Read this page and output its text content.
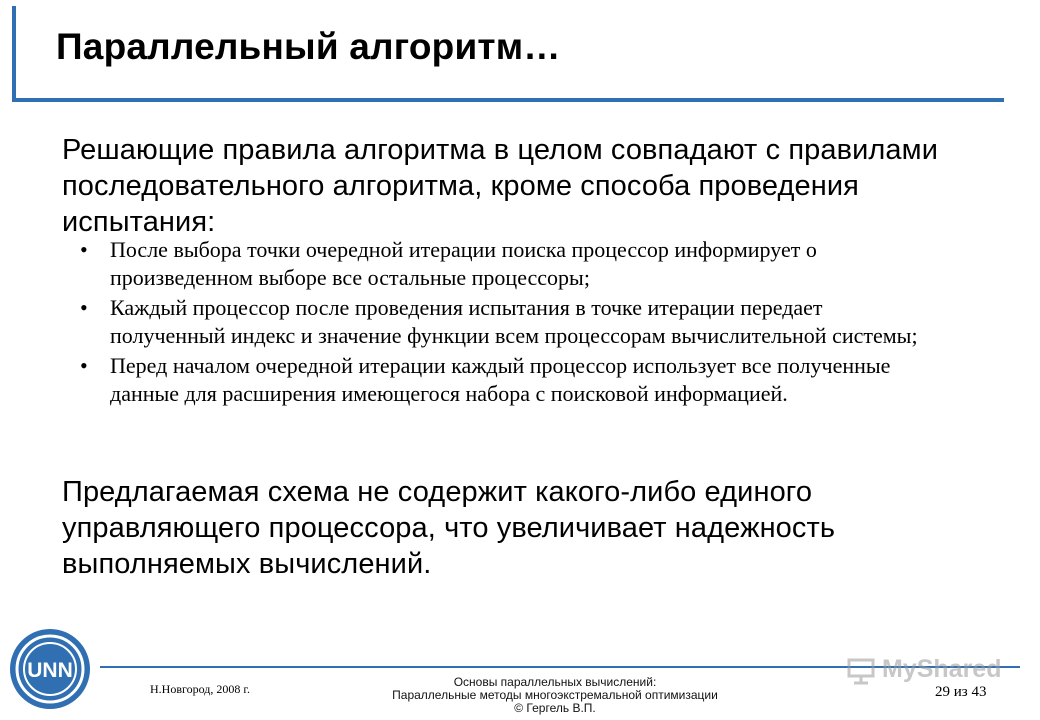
Параллельный алгоритм…

Решающие правила алгоритма в целом совпадают с правилами последовательного алгоритма, кроме способа проведения испытания:

• После выбора точки очередной итерации поиска процессор информирует о произведенном выборе все остальные процессоры;
• Каждый процессор после проведения испытания в точке итерации передает полученный индекс и значение функции всем процессорам вычислительной системы;
• Перед началом очередной итерации каждый процессор использует все полученные данные для расширения имеющегося набора с поисковой информацией.

Предлагаемая схема не содержит какого-либо единого управляющего процессора, что увеличивает надежность выполняемых вычислений.

UNN
Н.Новгород, 2008 г.	Основы параллельных вычислений:
Параллельные методы многоэкстремальной оптимизации
© Гергель В.П.
29 из 43
MyShared
